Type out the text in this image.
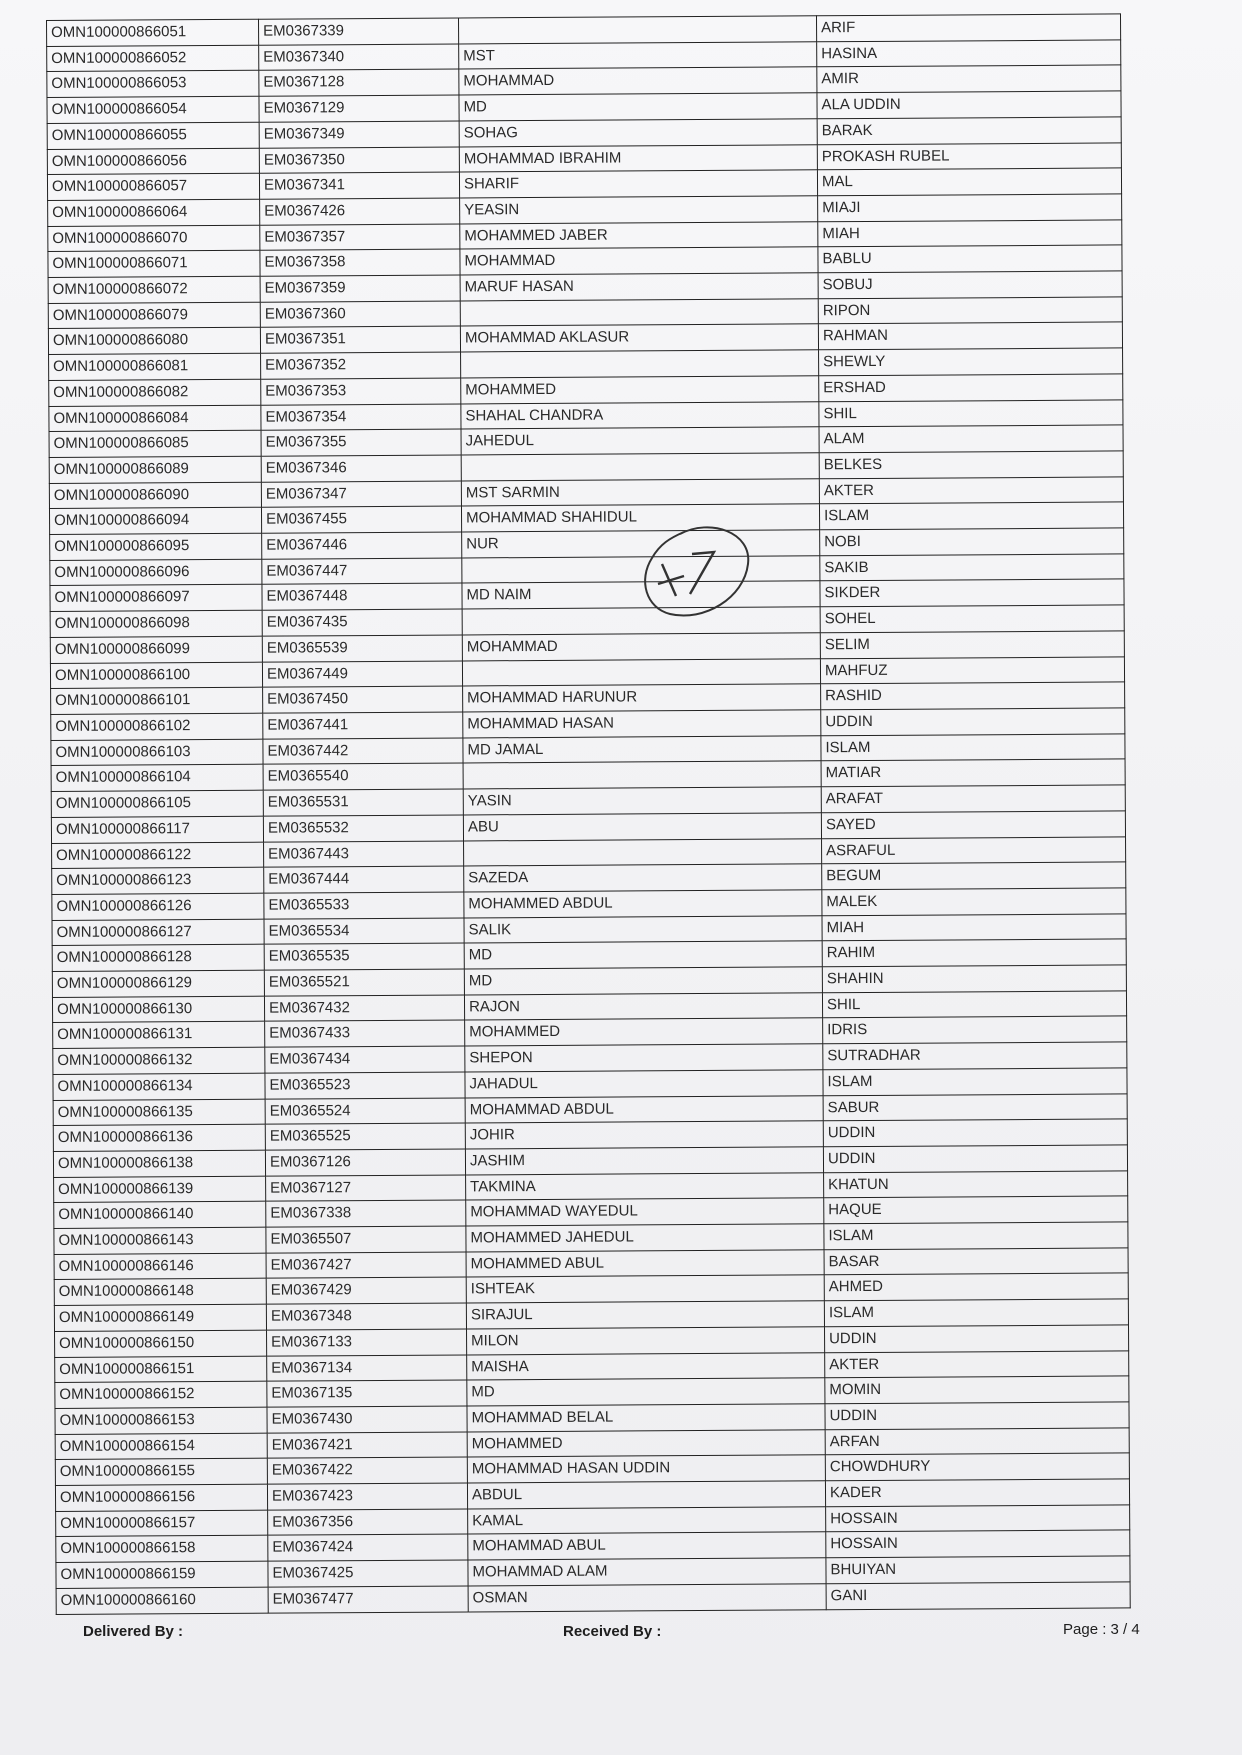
OMN100000866051	EM0367339		ARIF
OMN100000866052	EM0367340	MST	HASINA
OMN100000866053	EM0367128	MOHAMMAD	AMIR
OMN100000866054	EM0367129	MD	ALA UDDIN
OMN100000866055	EM0367349	SOHAG	BARAK
OMN100000866056	EM0367350	MOHAMMAD IBRAHIM	PROKASH RUBEL
OMN100000866057	EM0367341	SHARIF	MAL
OMN100000866064	EM0367426	YEASIN	MIAJI
OMN100000866070	EM0367357	MOHAMMED JABER	MIAH
OMN100000866071	EM0367358	MOHAMMAD	BABLU
OMN100000866072	EM0367359	MARUF HASAN	SOBUJ
OMN100000866079	EM0367360		RIPON
OMN100000866080	EM0367351	MOHAMMAD AKLASUR	RAHMAN
OMN100000866081	EM0367352		SHEWLY
OMN100000866082	EM0367353	MOHAMMED	ERSHAD
OMN100000866084	EM0367354	SHAHAL CHANDRA	SHIL
OMN100000866085	EM0367355	JAHEDUL	ALAM
OMN100000866089	EM0367346		BELKES
OMN100000866090	EM0367347	MST SARMIN	AKTER
OMN100000866094	EM0367455	MOHAMMAD SHAHIDUL	ISLAM
OMN100000866095	EM0367446	NUR	NOBI
OMN100000866096	EM0367447		SAKIB
OMN100000866097	EM0367448	MD NAIM	SIKDER
OMN100000866098	EM0367435		SOHEL
OMN100000866099	EM0365539	MOHAMMAD	SELIM
OMN100000866100	EM0367449		MAHFUZ
OMN100000866101	EM0367450	MOHAMMAD HARUNUR	RASHID
OMN100000866102	EM0367441	MOHAMMAD HASAN	UDDIN
OMN100000866103	EM0367442	MD JAMAL	ISLAM
OMN100000866104	EM0365540		MATIAR
OMN100000866105	EM0365531	YASIN	ARAFAT
OMN100000866117	EM0365532	ABU	SAYED
OMN100000866122	EM0367443		ASRAFUL
OMN100000866123	EM0367444	SAZEDA	BEGUM
OMN100000866126	EM0365533	MOHAMMED ABDUL	MALEK
OMN100000866127	EM0365534	SALIK	MIAH
OMN100000866128	EM0365535	MD	RAHIM
OMN100000866129	EM0365521	MD	SHAHIN
OMN100000866130	EM0367432	RAJON	SHIL
OMN100000866131	EM0367433	MOHAMMED	IDRIS
OMN100000866132	EM0367434	SHEPON	SUTRADHAR
OMN100000866134	EM0365523	JAHADUL	ISLAM
OMN100000866135	EM0365524	MOHAMMAD ABDUL	SABUR
OMN100000866136	EM0365525	JOHIR	UDDIN
OMN100000866138	EM0367126	JASHIM	UDDIN
OMN100000866139	EM0367127	TAKMINA	KHATUN
OMN100000866140	EM0367338	MOHAMMAD WAYEDUL	HAQUE
OMN100000866143	EM0365507	MOHAMMED JAHEDUL	ISLAM
OMN100000866146	EM0367427	MOHAMMED ABUL	BASAR
OMN100000866148	EM0367429	ISHTEAK	AHMED
OMN100000866149	EM0367348	SIRAJUL	ISLAM
OMN100000866150	EM0367133	MILON	UDDIN
OMN100000866151	EM0367134	MAISHA	AKTER
OMN100000866152	EM0367135	MD	MOMIN
OMN100000866153	EM0367430	MOHAMMAD BELAL	UDDIN
OMN100000866154	EM0367421	MOHAMMED	ARFAN
OMN100000866155	EM0367422	MOHAMMAD HASAN UDDIN	CHOWDHURY
OMN100000866156	EM0367423	ABDUL	KADER
OMN100000866157	EM0367356	KAMAL	HOSSAIN
OMN100000866158	EM0367424	MOHAMMAD ABUL	HOSSAIN
OMN100000866159	EM0367425	MOHAMMAD ALAM	BHUIYAN
OMN100000866160	EM0367477	OSMAN	GANI
47
Delivered By :	Received By :	Page : 3 / 4
